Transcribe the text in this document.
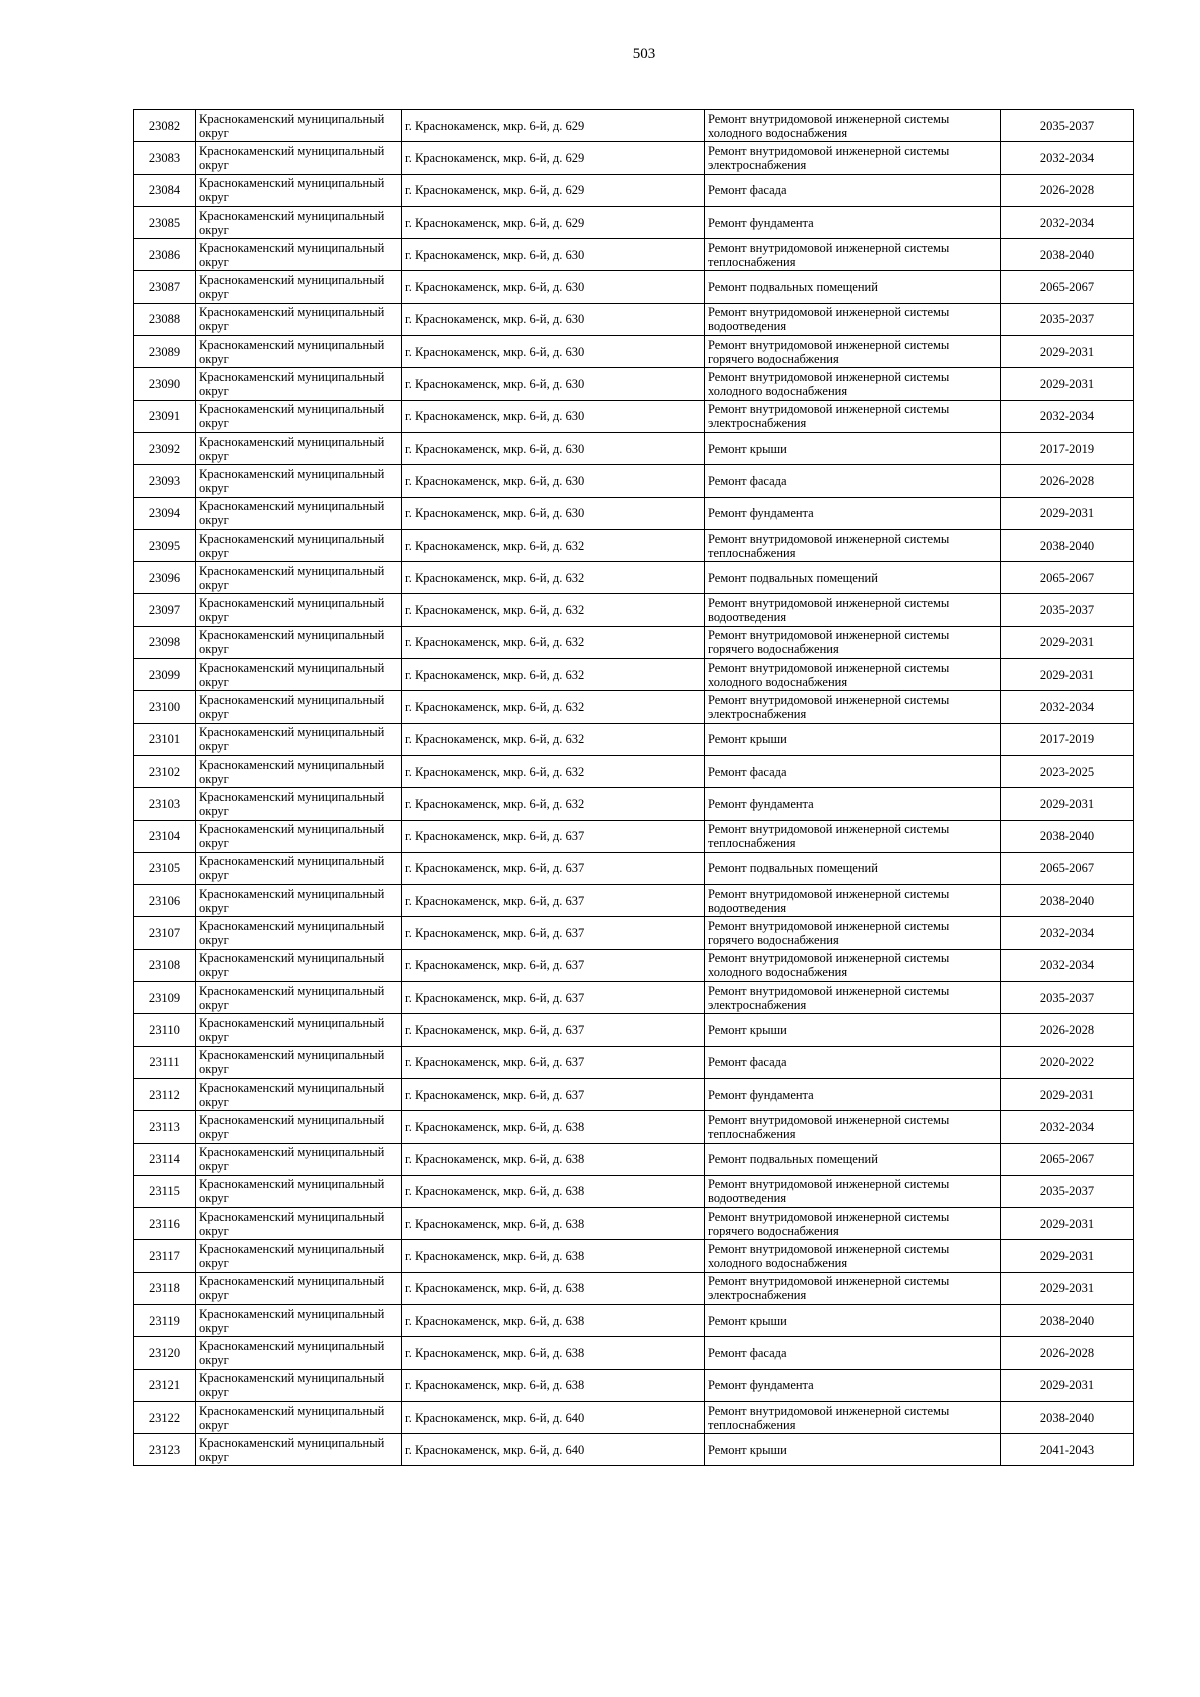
503
23082	Краснокаменский муниципальный округ	г. Краснокаменск, мкр. 6-й, д. 629	Ремонт внутридомовой инженерной системы холодного водоснабжения	2035-2037
23083	Краснокаменский муниципальный округ	г. Краснокаменск, мкр. 6-й, д. 629	Ремонт внутридомовой инженерной системы электроснабжения	2032-2034
23084	Краснокаменский муниципальный округ	г. Краснокаменск, мкр. 6-й, д. 629	Ремонт фасада	2026-2028
23085	Краснокаменский муниципальный округ	г. Краснокаменск, мкр. 6-й, д. 629	Ремонт фундамента	2032-2034
23086	Краснокаменский муниципальный округ	г. Краснокаменск, мкр. 6-й, д. 630	Ремонт внутридомовой инженерной системы теплоснабжения	2038-2040
23087	Краснокаменский муниципальный округ	г. Краснокаменск, мкр. 6-й, д. 630	Ремонт подвальных помещений	2065-2067
23088	Краснокаменский муниципальный округ	г. Краснокаменск, мкр. 6-й, д. 630	Ремонт внутридомовой инженерной системы водоотведения	2035-2037
23089	Краснокаменский муниципальный округ	г. Краснокаменск, мкр. 6-й, д. 630	Ремонт внутридомовой инженерной системы горячего водоснабжения	2029-2031
23090	Краснокаменский муниципальный округ	г. Краснокаменск, мкр. 6-й, д. 630	Ремонт внутридомовой инженерной системы холодного водоснабжения	2029-2031
23091	Краснокаменский муниципальный округ	г. Краснокаменск, мкр. 6-й, д. 630	Ремонт внутридомовой инженерной системы электроснабжения	2032-2034
23092	Краснокаменский муниципальный округ	г. Краснокаменск, мкр. 6-й, д. 630	Ремонт крыши	2017-2019
23093	Краснокаменский муниципальный округ	г. Краснокаменск, мкр. 6-й, д. 630	Ремонт фасада	2026-2028
23094	Краснокаменский муниципальный округ	г. Краснокаменск, мкр. 6-й, д. 630	Ремонт фундамента	2029-2031
23095	Краснокаменский муниципальный округ	г. Краснокаменск, мкр. 6-й, д. 632	Ремонт внутридомовой инженерной системы теплоснабжения	2038-2040
23096	Краснокаменский муниципальный округ	г. Краснокаменск, мкр. 6-й, д. 632	Ремонт подвальных помещений	2065-2067
23097	Краснокаменский муниципальный округ	г. Краснокаменск, мкр. 6-й, д. 632	Ремонт внутридомовой инженерной системы водоотведения	2035-2037
23098	Краснокаменский муниципальный округ	г. Краснокаменск, мкр. 6-й, д. 632	Ремонт внутридомовой инженерной системы горячего водоснабжения	2029-2031
23099	Краснокаменский муниципальный округ	г. Краснокаменск, мкр. 6-й, д. 632	Ремонт внутридомовой инженерной системы холодного водоснабжения	2029-2031
23100	Краснокаменский муниципальный округ	г. Краснокаменск, мкр. 6-й, д. 632	Ремонт внутридомовой инженерной системы электроснабжения	2032-2034
23101	Краснокаменский муниципальный округ	г. Краснокаменск, мкр. 6-й, д. 632	Ремонт крыши	2017-2019
23102	Краснокаменский муниципальный округ	г. Краснокаменск, мкр. 6-й, д. 632	Ремонт фасада	2023-2025
23103	Краснокаменский муниципальный округ	г. Краснокаменск, мкр. 6-й, д. 632	Ремонт фундамента	2029-2031
23104	Краснокаменский муниципальный округ	г. Краснокаменск, мкр. 6-й, д. 637	Ремонт внутридомовой инженерной системы теплоснабжения	2038-2040
23105	Краснокаменский муниципальный округ	г. Краснокаменск, мкр. 6-й, д. 637	Ремонт подвальных помещений	2065-2067
23106	Краснокаменский муниципальный округ	г. Краснокаменск, мкр. 6-й, д. 637	Ремонт внутридомовой инженерной системы водоотведения	2038-2040
23107	Краснокаменский муниципальный округ	г. Краснокаменск, мкр. 6-й, д. 637	Ремонт внутридомовой инженерной системы горячего водоснабжения	2032-2034
23108	Краснокаменский муниципальный округ	г. Краснокаменск, мкр. 6-й, д. 637	Ремонт внутридомовой инженерной системы холодного водоснабжения	2032-2034
23109	Краснокаменский муниципальный округ	г. Краснокаменск, мкр. 6-й, д. 637	Ремонт внутридомовой инженерной системы электроснабжения	2035-2037
23110	Краснокаменский муниципальный округ	г. Краснокаменск, мкр. 6-й, д. 637	Ремонт крыши	2026-2028
23111	Краснокаменский муниципальный округ	г. Краснокаменск, мкр. 6-й, д. 637	Ремонт фасада	2020-2022
23112	Краснокаменский муниципальный округ	г. Краснокаменск, мкр. 6-й, д. 637	Ремонт фундамента	2029-2031
23113	Краснокаменский муниципальный округ	г. Краснокаменск, мкр. 6-й, д. 638	Ремонт внутридомовой инженерной системы теплоснабжения	2032-2034
23114	Краснокаменский муниципальный округ	г. Краснокаменск, мкр. 6-й, д. 638	Ремонт подвальных помещений	2065-2067
23115	Краснокаменский муниципальный округ	г. Краснокаменск, мкр. 6-й, д. 638	Ремонт внутридомовой инженерной системы водоотведения	2035-2037
23116	Краснокаменский муниципальный округ	г. Краснокаменск, мкр. 6-й, д. 638	Ремонт внутридомовой инженерной системы горячего водоснабжения	2029-2031
23117	Краснокаменский муниципальный округ	г. Краснокаменск, мкр. 6-й, д. 638	Ремонт внутридомовой инженерной системы холодного водоснабжения	2029-2031
23118	Краснокаменский муниципальный округ	г. Краснокаменск, мкр. 6-й, д. 638	Ремонт внутридомовой инженерной системы электроснабжения	2029-2031
23119	Краснокаменский муниципальный округ	г. Краснокаменск, мкр. 6-й, д. 638	Ремонт крыши	2038-2040
23120	Краснокаменский муниципальный округ	г. Краснокаменск, мкр. 6-й, д. 638	Ремонт фасада	2026-2028
23121	Краснокаменский муниципальный округ	г. Краснокаменск, мкр. 6-й, д. 638	Ремонт фундамента	2029-2031
23122	Краснокаменский муниципальный округ	г. Краснокаменск, мкр. 6-й, д. 640	Ремонт внутридомовой инженерной системы теплоснабжения	2038-2040
23123	Краснокаменский муниципальный округ	г. Краснокаменск, мкр. 6-й, д. 640	Ремонт крыши	2041-2043
